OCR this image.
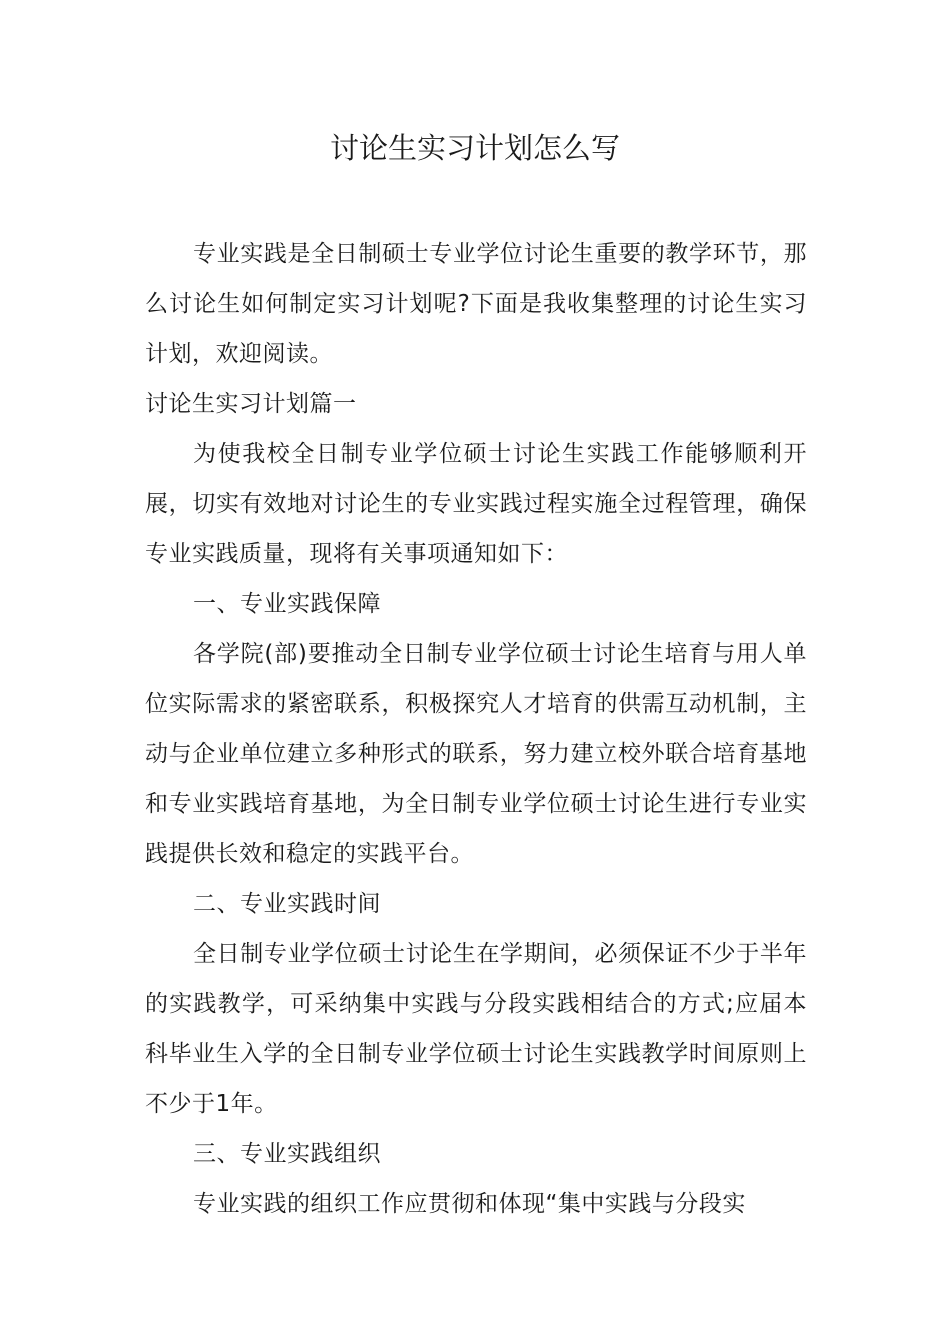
讨论生实习计划怎么写

专业实践是全日制硕士专业学位讨论生重要的教学环节，那么讨论生如何制定实习计划呢?下面是我收集整理的讨论生实习计划，欢迎阅读。

讨论生实习计划篇一

为使我校全日制专业学位硕士讨论生实践工作能够顺利开展，切实有效地对讨论生的专业实践过程实施全过程管理，确保专业实践质量，现将有关事项通知如下：

一、专业实践保障

各学院(部)要推动全日制专业学位硕士讨论生培育与用人单位实际需求的紧密联系，积极探究人才培育的供需互动机制，主动与企业单位建立多种形式的联系，努力建立校外联合培育基地和专业实践培育基地，为全日制专业学位硕士讨论生进行专业实践提供长效和稳定的实践平台。

二、专业实践时间

全日制专业学位硕士讨论生在学期间，必须保证不少于半年的实践教学，可采纳集中实践与分段实践相结合的方式;应届本科毕业生入学的全日制专业学位硕士讨论生实践教学时间原则上不少于1年。

三、专业实践组织

专业实践的组织工作应贯彻和体现“集中实践与分段实
